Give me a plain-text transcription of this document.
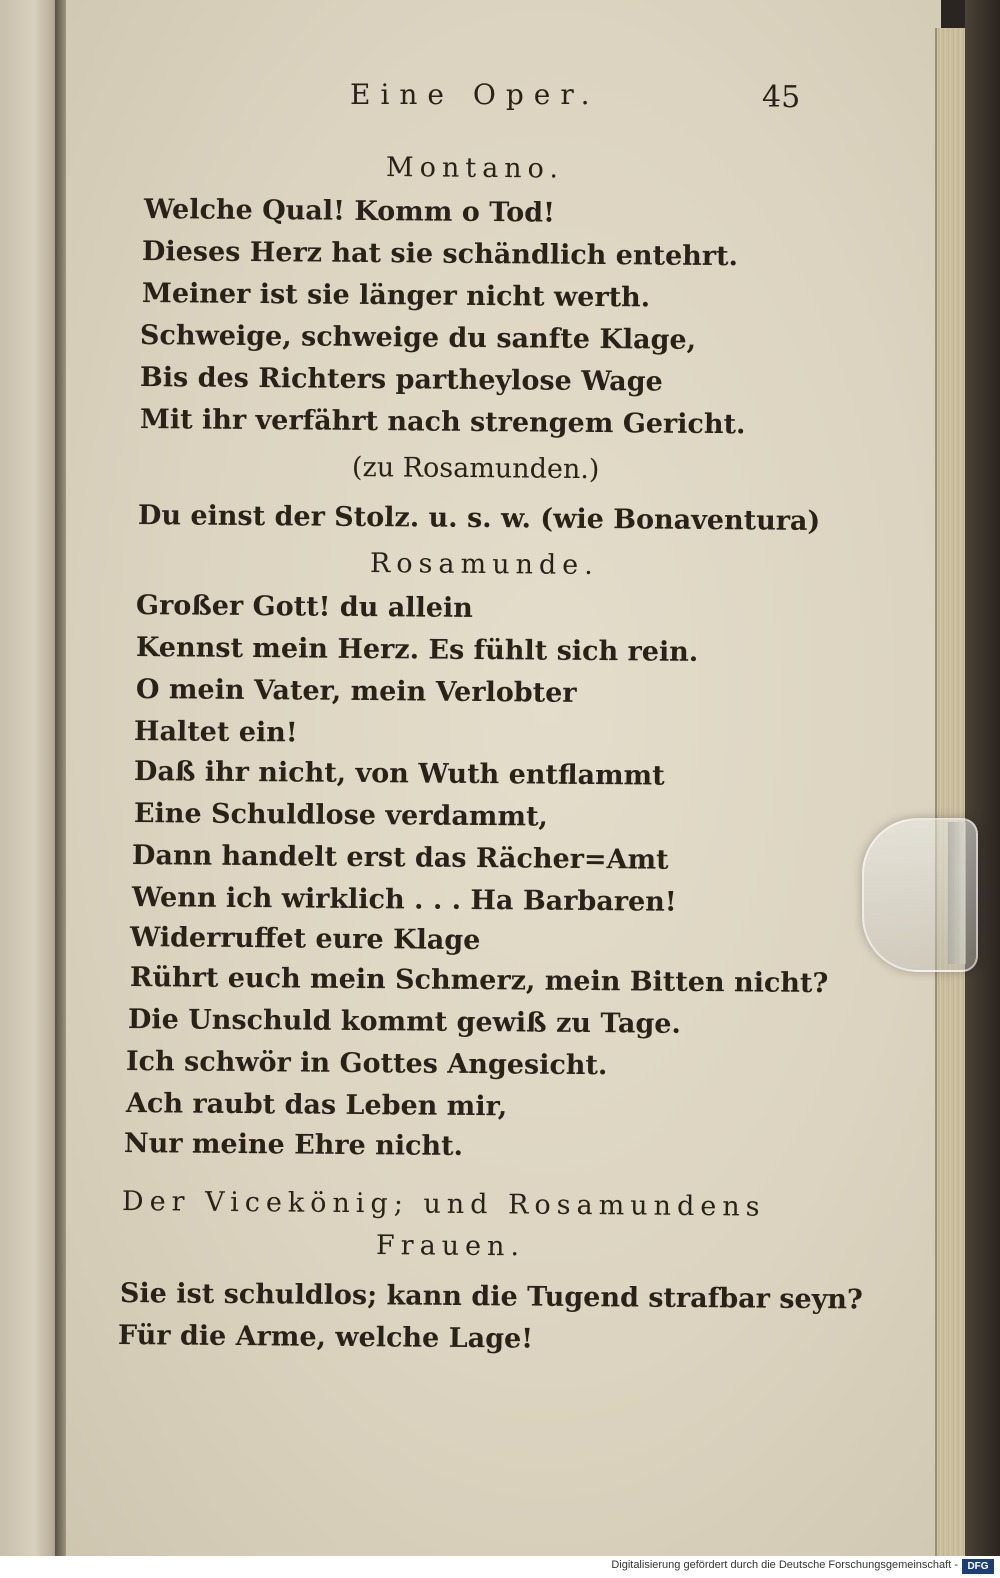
Eine Oper.	45
Montano.
Welche Qual! Komm o Tod!
Dieses Herz hat sie schändlich entehrt.
Meiner ist sie länger nicht werth.
Schweige, schweige du sanfte Klage,
Bis des Richters partheylose Wage
Mit ihr verfährt nach strengem Gericht.
(zu Rosamunden.)
Du einst der Stolz. u. s. w. (wie Bonaventura)
Rosamunde.
Großer Gott! du allein
Kennst mein Herz. Es fühlt sich rein.
O mein Vater, mein Verlobter
Haltet ein!
Daß ihr nicht, von Wuth entflammt
Eine Schuldlose verdammt,
Dann handelt erst das Rächer=Amt
Wenn ich wirklich . . . Ha Barbaren!
Widerruffet eure Klage
Rührt euch mein Schmerz, mein Bitten nicht?
Die Unschuld kommt gewiß zu Tage.
Ich schwör in Gottes Angesicht.
Ach raubt das Leben mir,
Nur meine Ehre nicht.
Der Vicekönig; und Rosamundens
Frauen.
Sie ist schuldlos; kann die Tugend strafbar seyn?
Für die Arme, welche Lage!
Digitalisierung gefördert durch die Deutsche Forschungsgemeinschaft - DFG
